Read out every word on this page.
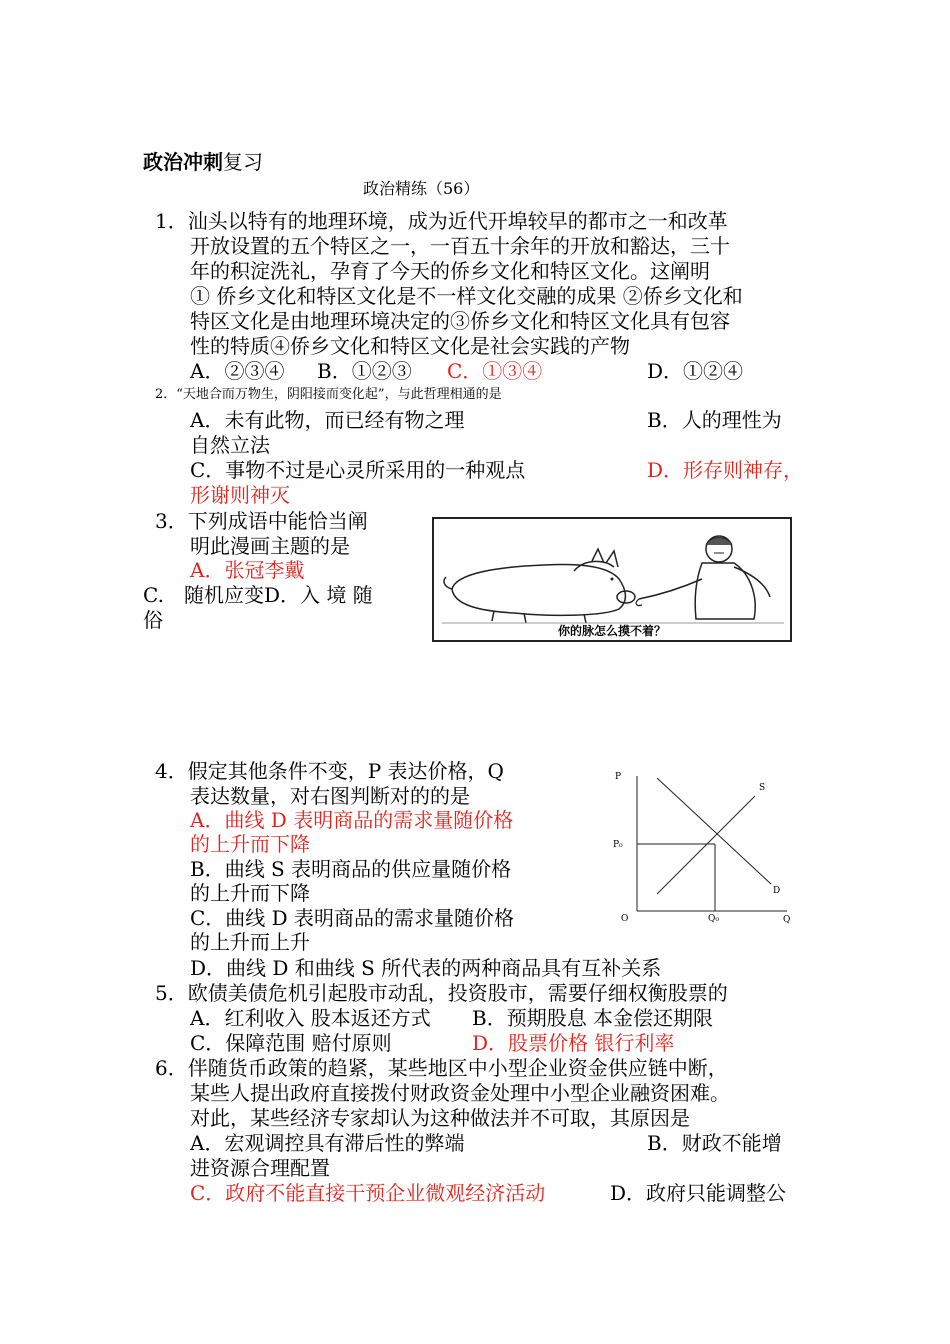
政治冲刺复习
政治精练（56）
1．汕头以特有的地理环境，成为近代开埠较早的都市之一和改革
开放设置的五个特区之一，一百五十余年的开放和豁达，三十
年的积淀洗礼，孕育了今天的侨乡文化和特区文化。这阐明
① 侨乡文化和特区文化是不一样文化交融的成果 ②侨乡文化和
特区文化是由地理环境决定的③侨乡文化和特区文化具有包容
性的特质④侨乡文化和特区文化是社会实践的产物
A．②③④ B．①②③ C．①③④	D．①②④
2．“天地合而万物生，阴阳接而变化起”，与此哲理相通的是
A．未有此物，而已经有物之理	B．人的理性为
自然立法
C．事物不过是心灵所采用的一种观点	D．形存则神存，
形谢则神灭
3．下列成语中能恰当阐
明此漫画主题的是
A．张冠李戴
C.　随机应变D．入 境 随
俗	你的脉怎么摸不着？
4．假定其他条件不变，P 表达价格，Q
表达数量，对右图判断对的的是
A．曲线 D 表明商品的需求量随价格
的上升而下降
B．曲线 S 表明商品的供应量随价格
的上升而下降
C．曲线 D 表明商品的需求量随价格
的上升而上升
D．曲线 D 和曲线 S 所代表的两种商品具有互补关系
P
P₀
O	Q₀	Q
S
D
5．欧债美债危机引起股市动乱，投资股市，需要仔细权衡股票的
A．红利收入 股本返还方式 B．预期股息 本金偿还期限
C．保障范围 赔付原则	D．股票价格 银行利率
6．伴随货币政策的趋紧，某些地区中小型企业资金供应链中断，
某些人提出政府直接拨付财政资金处理中小型企业融资困难。
对此，某些经济专家却认为这种做法并不可取，其原因是
A．宏观调控具有滞后性的弊端	B．财政不能增
进资源合理配置
C．政府不能直接干预企业微观经济活动	D．政府只能调整公
